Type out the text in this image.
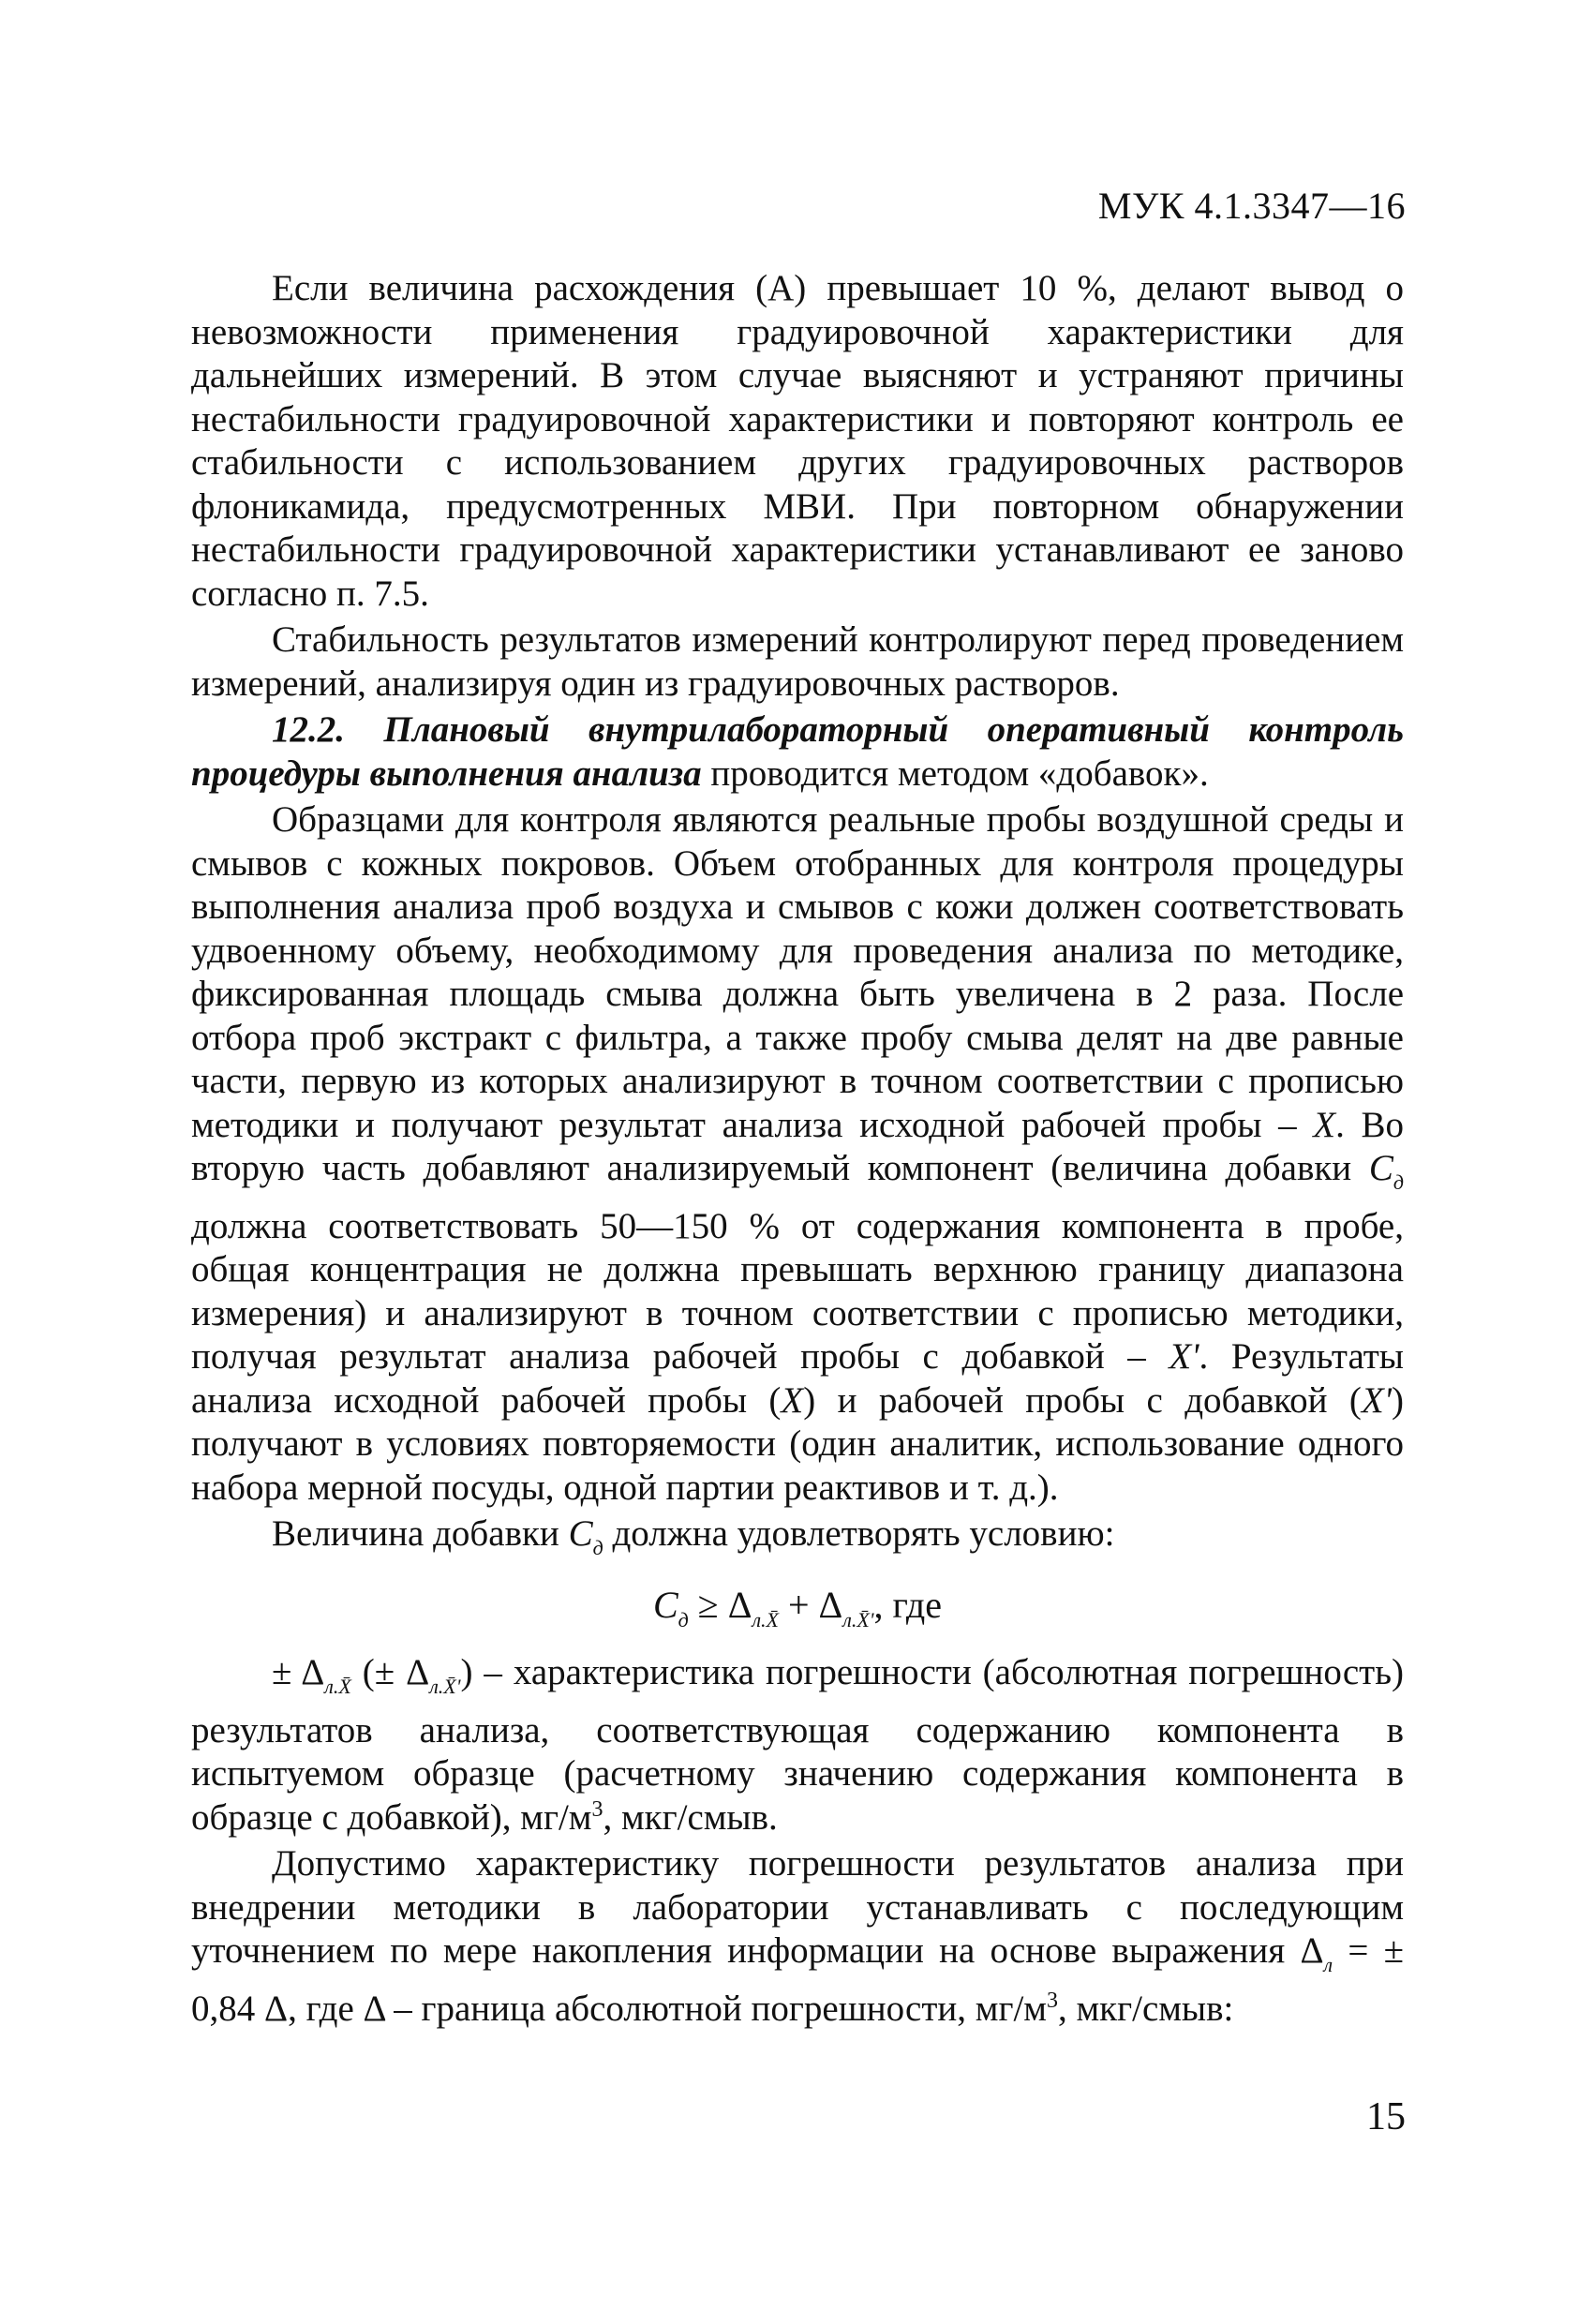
МУК 4.1.3347—16

Если величина расхождения (А) превышает 10 %, делают вывод о невозможности применения градуировочной характеристики для дальнейших измерений. В этом случае выясняют и устраняют причины нестабильности градуировочной характеристики и повторяют контроль ее стабильности с использованием других градуировочных растворов флоникамида, предусмотренных МВИ. При повторном обнаружении нестабильности градуировочной характеристики устанавливают ее заново согласно п. 7.5.

Стабильность результатов измерений контролируют перед проведением измерений, анализируя один из градуировочных растворов.

12.2. Плановый внутрилабораторный оперативный контроль процедуры выполнения анализа проводится методом «добавок».

Образцами для контроля являются реальные пробы воздушной среды и смывов с кожных покровов. Объем отобранных для контроля процедуры выполнения анализа проб воздуха и смывов с кожи должен соответствовать удвоенному объему, необходимому для проведения анализа по методике, фиксированная площадь смыва должна быть увеличена в 2 раза. После отбора проб экстракт с фильтра, а также пробу смыва делят на две равные части, первую из которых анализируют в точном соответствии с прописью методики и получают результат анализа исходной рабочей пробы – Х. Во вторую часть добавляют анализируемый компонент (величина добавки $С_д$ должна соответствовать 50—150 % от содержания компонента в пробе, общая концентрация не должна превышать верхнюю границу диапазона измерения) и анализируют в точном соответствии с прописью методики, получая результат анализа рабочей пробы с добавкой – Х'. Результаты анализа исходной рабочей пробы (Х) и рабочей пробы с добавкой (Х') получают в условиях повторяемости (один аналитик, использование одного набора мерной посуды, одной партии реактивов и т. д.).

Величина добавки $С_д$ должна удовлетворять условию:

$С_д \ge \Delta_{л.X̄} + \Delta_{л.X̄'}$, где

± $\Delta_{л.X̄}$ (± $\Delta_{л.X̄'}$) – характеристика погрешности (абсолютная погрешность) результатов анализа, соответствующая содержанию компонента в испытуемом образце (расчетному значению содержания компонента в образце с добавкой), $мг/м^3$, мкг/смыв.

Допустимо характеристику погрешности результатов анализа при внедрении методики в лаборатории устанавливать с последующим уточнением по мере накопления информации на основе выражения $\Delta_л$ = ± 0,84 Δ, где Δ – граница абсолютной погрешности, $мг/м^3$, мкг/смыв:

15
